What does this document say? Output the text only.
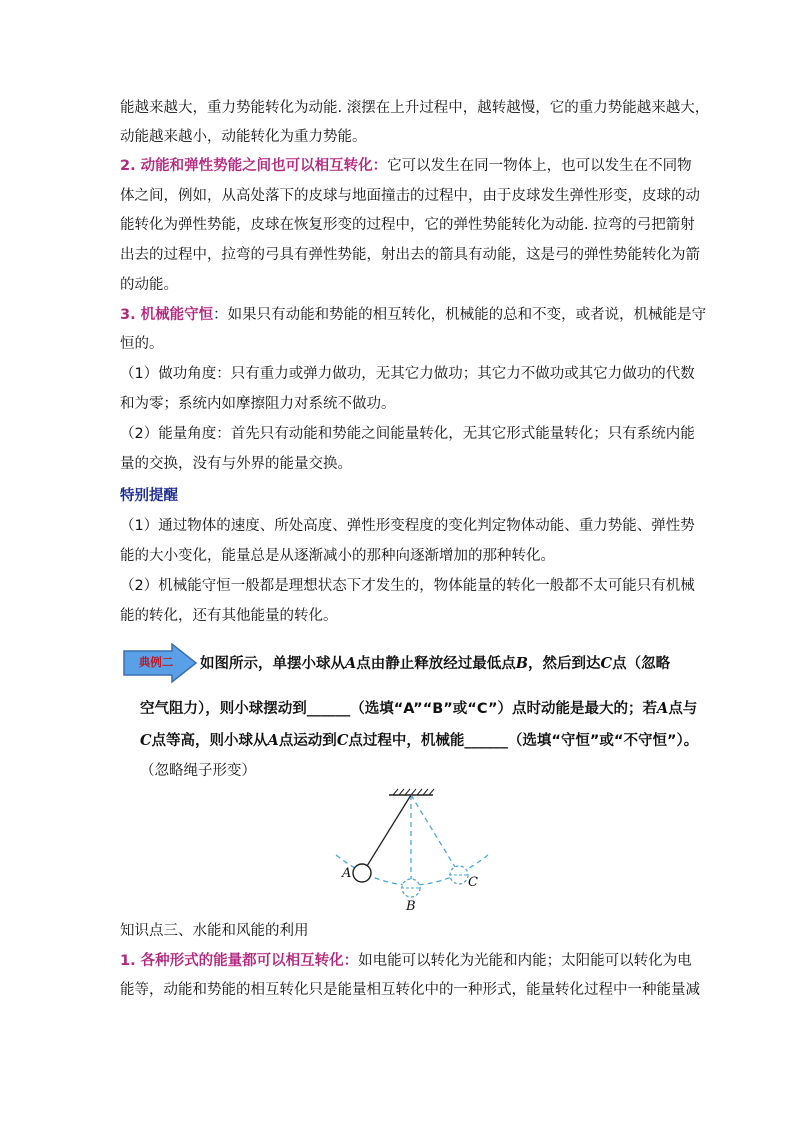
能越来越大，重力势能转化为动能. 滚摆在上升过程中，越转越慢，它的重力势能越来越大，
动能越来越小，动能转化为重力势能。
2. 动能和弹性势能之间也可以相互转化：它可以发生在同一物体上，也可以发生在不同物
体之间，例如，从高处落下的皮球与地面撞击的过程中，由于皮球发生弹性形变，皮球的动
能转化为弹性势能，皮球在恢复形变的过程中，它的弹性势能转化为动能. 拉弯的弓把箭射
出去的过程中，拉弯的弓具有弹性势能，射出去的箭具有动能，这是弓的弹性势能转化为箭
的动能。
3. 机械能守恒：如果只有动能和势能的相互转化，机械能的总和不变，或者说，机械能是守
恒的。
（1）做功角度：只有重力或弹力做功，无其它力做功；其它力不做功或其它力做功的代数
和为零；系统内如摩擦阻力对系统不做功。
（2）能量角度：首先只有动能和势能之间能量转化，无其它形式能量转化；只有系统内能
量的交换，没有与外界的能量交换。
特别提醒
（1）通过物体的速度、所处高度、弹性形变程度的变化判定物体动能、重力势能、弹性势
能的大小变化，能量总是从逐渐减小的那种向逐渐增加的那种转化。
（2）机械能守恒一般都是理想状态下才发生的，物体能量的转化一般都不太可能只有机械
能的转化，还有其他能量的转化。
典例二	如图所示，单摆小球从A点由静止释放经过最低点B，然后到达C点（忽略
空气阻力），则小球摆动到______（选填“A”“B”或“C”）点时动能是最大的；若A点与
C点等高，则小球从A点运动到C点过程中，机械能______（选填“守恒”或“不守恒”）。
（忽略绳子形变）
A
B
C
知识点三、水能和风能的利用
1. 各种形式的能量都可以相互转化：如电能可以转化为光能和内能；太阳能可以转化为电
能等，动能和势能的相互转化只是能量相互转化中的一种形式，能量转化过程中一种能量减
